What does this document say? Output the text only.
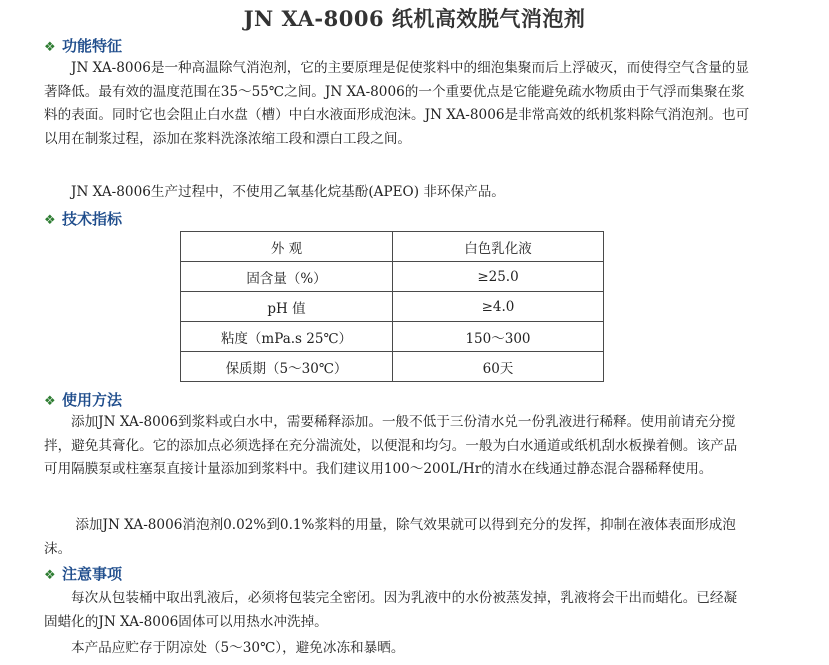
JN XA-8006 纸机高效脱气消泡剂
❖ 功能特征

JN XA-8006是一种高温除气消泡剂，它的主要原理是促使浆料中的细泡集聚而后上浮破灭，而使得空气含量的显著降低。最有效的温度范围在35～55℃之间。JN XA-8006的一个重要优点是它能避免疏水物质由于气浮而集聚在浆料的表面。同时它也会阻止白水盘（槽）中白水液面形成泡沫。JN XA-8006是非常高效的纸机浆料除气消泡剂。也可以用在制浆过程，添加在浆料洗涤浓缩工段和漂白工段之间。

JN XA-8006生产过程中，不使用乙氧基化烷基酚(APEO) 非环保产品。

❖ 技术指标
外 观	白色乳化液
固含量（%）	≥25.0
pH 值	≥4.0
粘度（mPa.s 25℃）	150～300
保质期（5～30℃）	60天
❖ 使用方法

添加JN XA-8006到浆料或白水中，需要稀释添加。一般不低于三份清水兑一份乳液进行稀释。使用前请充分搅拌，避免其膏化。它的添加点必须选择在充分湍流处，以便混和均匀。一般为白水通道或纸机刮水板操着侧。该产品可用隔膜泵或柱塞泵直接计量添加到浆料中。我们建议用100～200L/Hr的清水在线通过静态混合器稀释使用。

添加JN XA-8006消泡剂0.02%到0.1%浆料的用量，除气效果就可以得到充分的发挥，抑制在液体表面形成泡沫。

❖ 注意事项

每次从包装桶中取出乳液后，必须将包装完全密闭。因为乳液中的水份被蒸发掉，乳液将会干出而蜡化。已经凝固蜡化的JN XA-8006固体可以用热水冲洗掉。

本产品应贮存于阴凉处（5～30℃），避免冰冻和暴晒。
